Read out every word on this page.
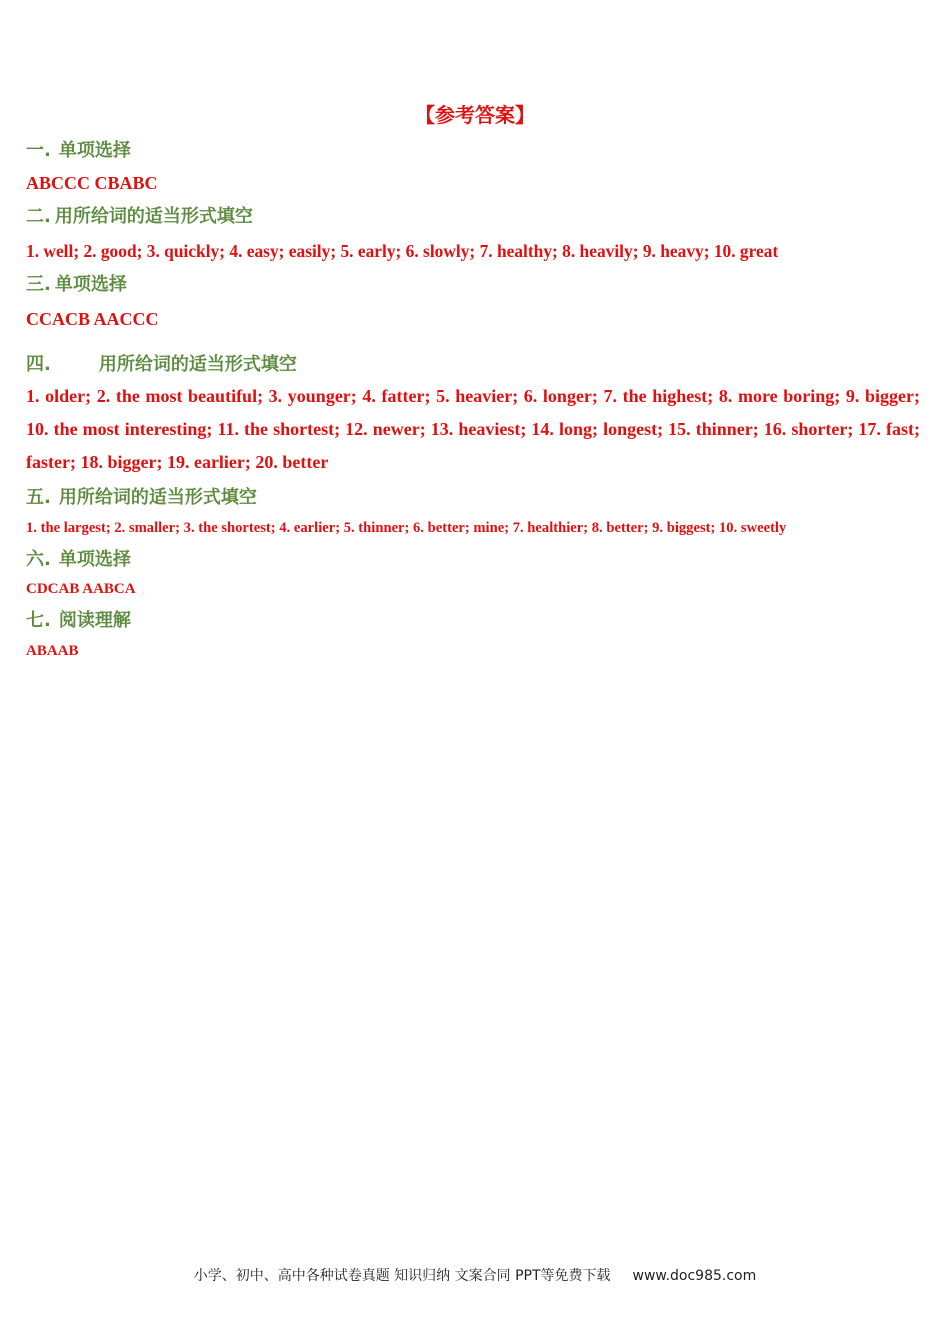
【参考答案】
一. 单项选择

ABCCC CBABC

二. 用所给词的适当形式填空

1. well; 2. good; 3. quickly; 4. easy; easily; 5. early; 6. slowly; 7. healthy; 8. heavily; 9. heavy; 10. great

三. 单项选择

CCACB AACCC

四.	用所给词的适当形式填空

1. older; 2. the most beautiful; 3. younger; 4. fatter; 5. heavier; 6. longer; 7. the highest; 8. more boring; 9. bigger; 10. the most interesting; 11. the shortest; 12. newer; 13. heaviest; 14. long; longest; 15. thinner; 16. shorter; 17. fast; faster; 18. bigger; 19. earlier; 20. better

五. 用所给词的适当形式填空

1. the largest; 2. smaller; 3. the shortest; 4. earlier; 5. thinner; 6. better; mine; 7. healthier; 8. better; 9. biggest; 10. sweetly

六. 单项选择

CDCAB AABCA

七. 阅读理解

ABAAB

小学、初中、高中各种试卷真题 知识归纳 文案合同 PPT等免费下载 www.doc985.com
